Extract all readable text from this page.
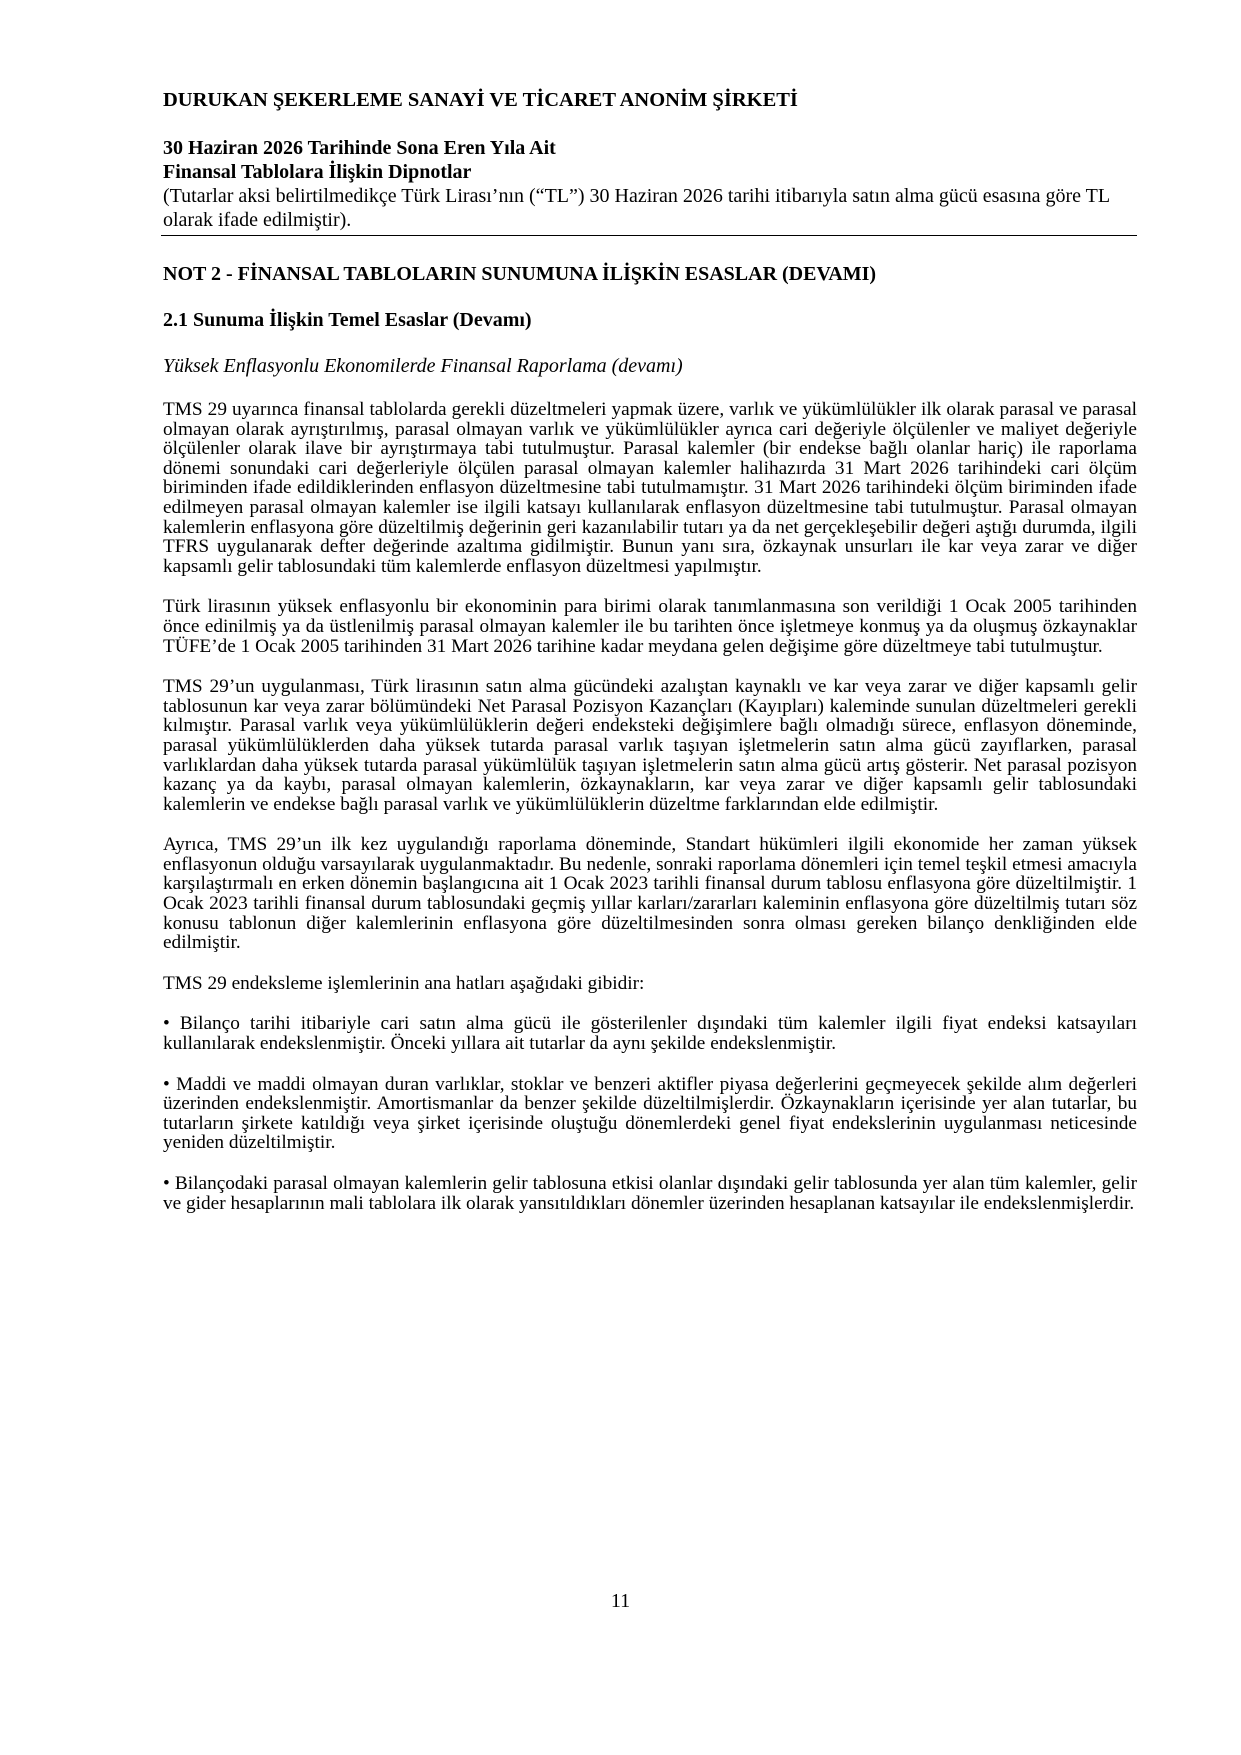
DURUKAN ŞEKERLEME SANAYİ VE TİCARET ANONİM ŞİRKETİ

30 Haziran 2026 Tarihinde Sona Eren Yıla Ait

Finansal Tablolara İlişkin Dipnotlar

(Tutarlar aksi belirtilmedikçe Türk Lirası’nın (“TL”) 30 Haziran 2026 tarihi itibarıyla satın alma gücü esasına göre TL olarak ifade edilmiştir).

NOT 2 - FİNANSAL TABLOLARIN SUNUMUNA İLİŞKİN ESASLAR (DEVAMI)

2.1 Sunuma İlişkin Temel Esaslar (Devamı)

Yüksek Enflasyonlu Ekonomilerde Finansal Raporlama (devamı)

TMS 29 uyarınca finansal tablolarda gerekli düzeltmeleri yapmak üzere, varlık ve yükümlülükler ilk olarak parasal ve parasal olmayan olarak ayrıştırılmış, parasal olmayan varlık ve yükümlülükler ayrıca cari değeriyle ölçülenler ve maliyet değeriyle ölçülenler olarak ilave bir ayrıştırmaya tabi tutulmuştur. Parasal kalemler (bir endekse bağlı olanlar hariç) ile raporlama dönemi sonundaki cari değerleriyle ölçülen parasal olmayan kalemler halihazırda 31 Mart 2026 tarihindeki cari ölçüm biriminden ifade edildiklerinden enflasyon düzeltmesine tabi tutulmamıştır. 31 Mart 2026 tarihindeki ölçüm biriminden ifade edilmeyen parasal olmayan kalemler ise ilgili katsayı kullanılarak enflasyon düzeltmesine tabi tutulmuştur. Parasal olmayan kalemlerin enflasyona göre düzeltilmiş değerinin geri kazanılabilir tutarı ya da net gerçekleşebilir değeri aştığı durumda, ilgili TFRS uygulanarak defter değerinde azaltıma gidilmiştir. Bunun yanı sıra, özkaynak unsurları ile kar veya zarar ve diğer kapsamlı gelir tablosundaki tüm kalemlerde enflasyon düzeltmesi yapılmıştır.

Türk lirasının yüksek enflasyonlu bir ekonominin para birimi olarak tanımlanmasına son verildiği 1 Ocak 2005 tarihinden önce edinilmiş ya da üstlenilmiş parasal olmayan kalemler ile bu tarihten önce işletmeye konmuş ya da oluşmuş özkaynaklar TÜFE’de 1 Ocak 2005 tarihinden 31 Mart 2026 tarihine kadar meydana gelen değişime göre düzeltmeye tabi tutulmuştur.

TMS 29’un uygulanması, Türk lirasının satın alma gücündeki azalıştan kaynaklı ve kar veya zarar ve diğer kapsamlı gelir tablosunun kar veya zarar bölümündeki Net Parasal Pozisyon Kazançları (Kayıpları) kaleminde sunulan düzeltmeleri gerekli kılmıştır. Parasal varlık veya yükümlülüklerin değeri endeksteki değişimlere bağlı olmadığı sürece, enflasyon döneminde, parasal yükümlülüklerden daha yüksek tutarda parasal varlık taşıyan işletmelerin satın alma gücü zayıflarken, parasal varlıklardan daha yüksek tutarda parasal yükümlülük taşıyan işletmelerin satın alma gücü artış gösterir. Net parasal pozisyon kazanç ya da kaybı, parasal olmayan kalemlerin, özkaynakların, kar veya zarar ve diğer kapsamlı gelir tablosundaki kalemlerin ve endekse bağlı parasal varlık ve yükümlülüklerin düzeltme farklarından elde edilmiştir.

Ayrıca, TMS 29’un ilk kez uygulandığı raporlama döneminde, Standart hükümleri ilgili ekonomide her zaman yüksek enflasyonun olduğu varsayılarak uygulanmaktadır. Bu nedenle, sonraki raporlama dönemleri için temel teşkil etmesi amacıyla karşılaştırmalı en erken dönemin başlangıcına ait 1 Ocak 2023 tarihli finansal durum tablosu enflasyona göre düzeltilmiştir. 1 Ocak 2023 tarihli finansal durum tablosundaki geçmiş yıllar karları/zararları kaleminin enflasyona göre düzeltilmiş tutarı söz konusu tablonun diğer kalemlerinin enflasyona göre düzeltilmesinden sonra olması gereken bilanço denkliğinden elde edilmiştir.

TMS 29 endeksleme işlemlerinin ana hatları aşağıdaki gibidir:

• Bilanço tarihi itibariyle cari satın alma gücü ile gösterilenler dışındaki tüm kalemler ilgili fiyat endeksi katsayıları kullanılarak endekslenmiştir. Önceki yıllara ait tutarlar da aynı şekilde endekslenmiştir.

• Maddi ve maddi olmayan duran varlıklar, stoklar ve benzeri aktifler piyasa değerlerini geçmeyecek şekilde alım değerleri üzerinden endekslenmiştir. Amortismanlar da benzer şekilde düzeltilmişlerdir. Özkaynakların içerisinde yer alan tutarlar, bu tutarların şirkete katıldığı veya şirket içerisinde oluştuğu dönemlerdeki genel fiyat endekslerinin uygulanması neticesinde yeniden düzeltilmiştir.

• Bilançodaki parasal olmayan kalemlerin gelir tablosuna etkisi olanlar dışındaki gelir tablosunda yer alan tüm kalemler, gelir ve gider hesaplarının mali tablolara ilk olarak yansıtıldıkları dönemler üzerinden hesaplanan katsayılar ile endekslenmişlerdir.

11
